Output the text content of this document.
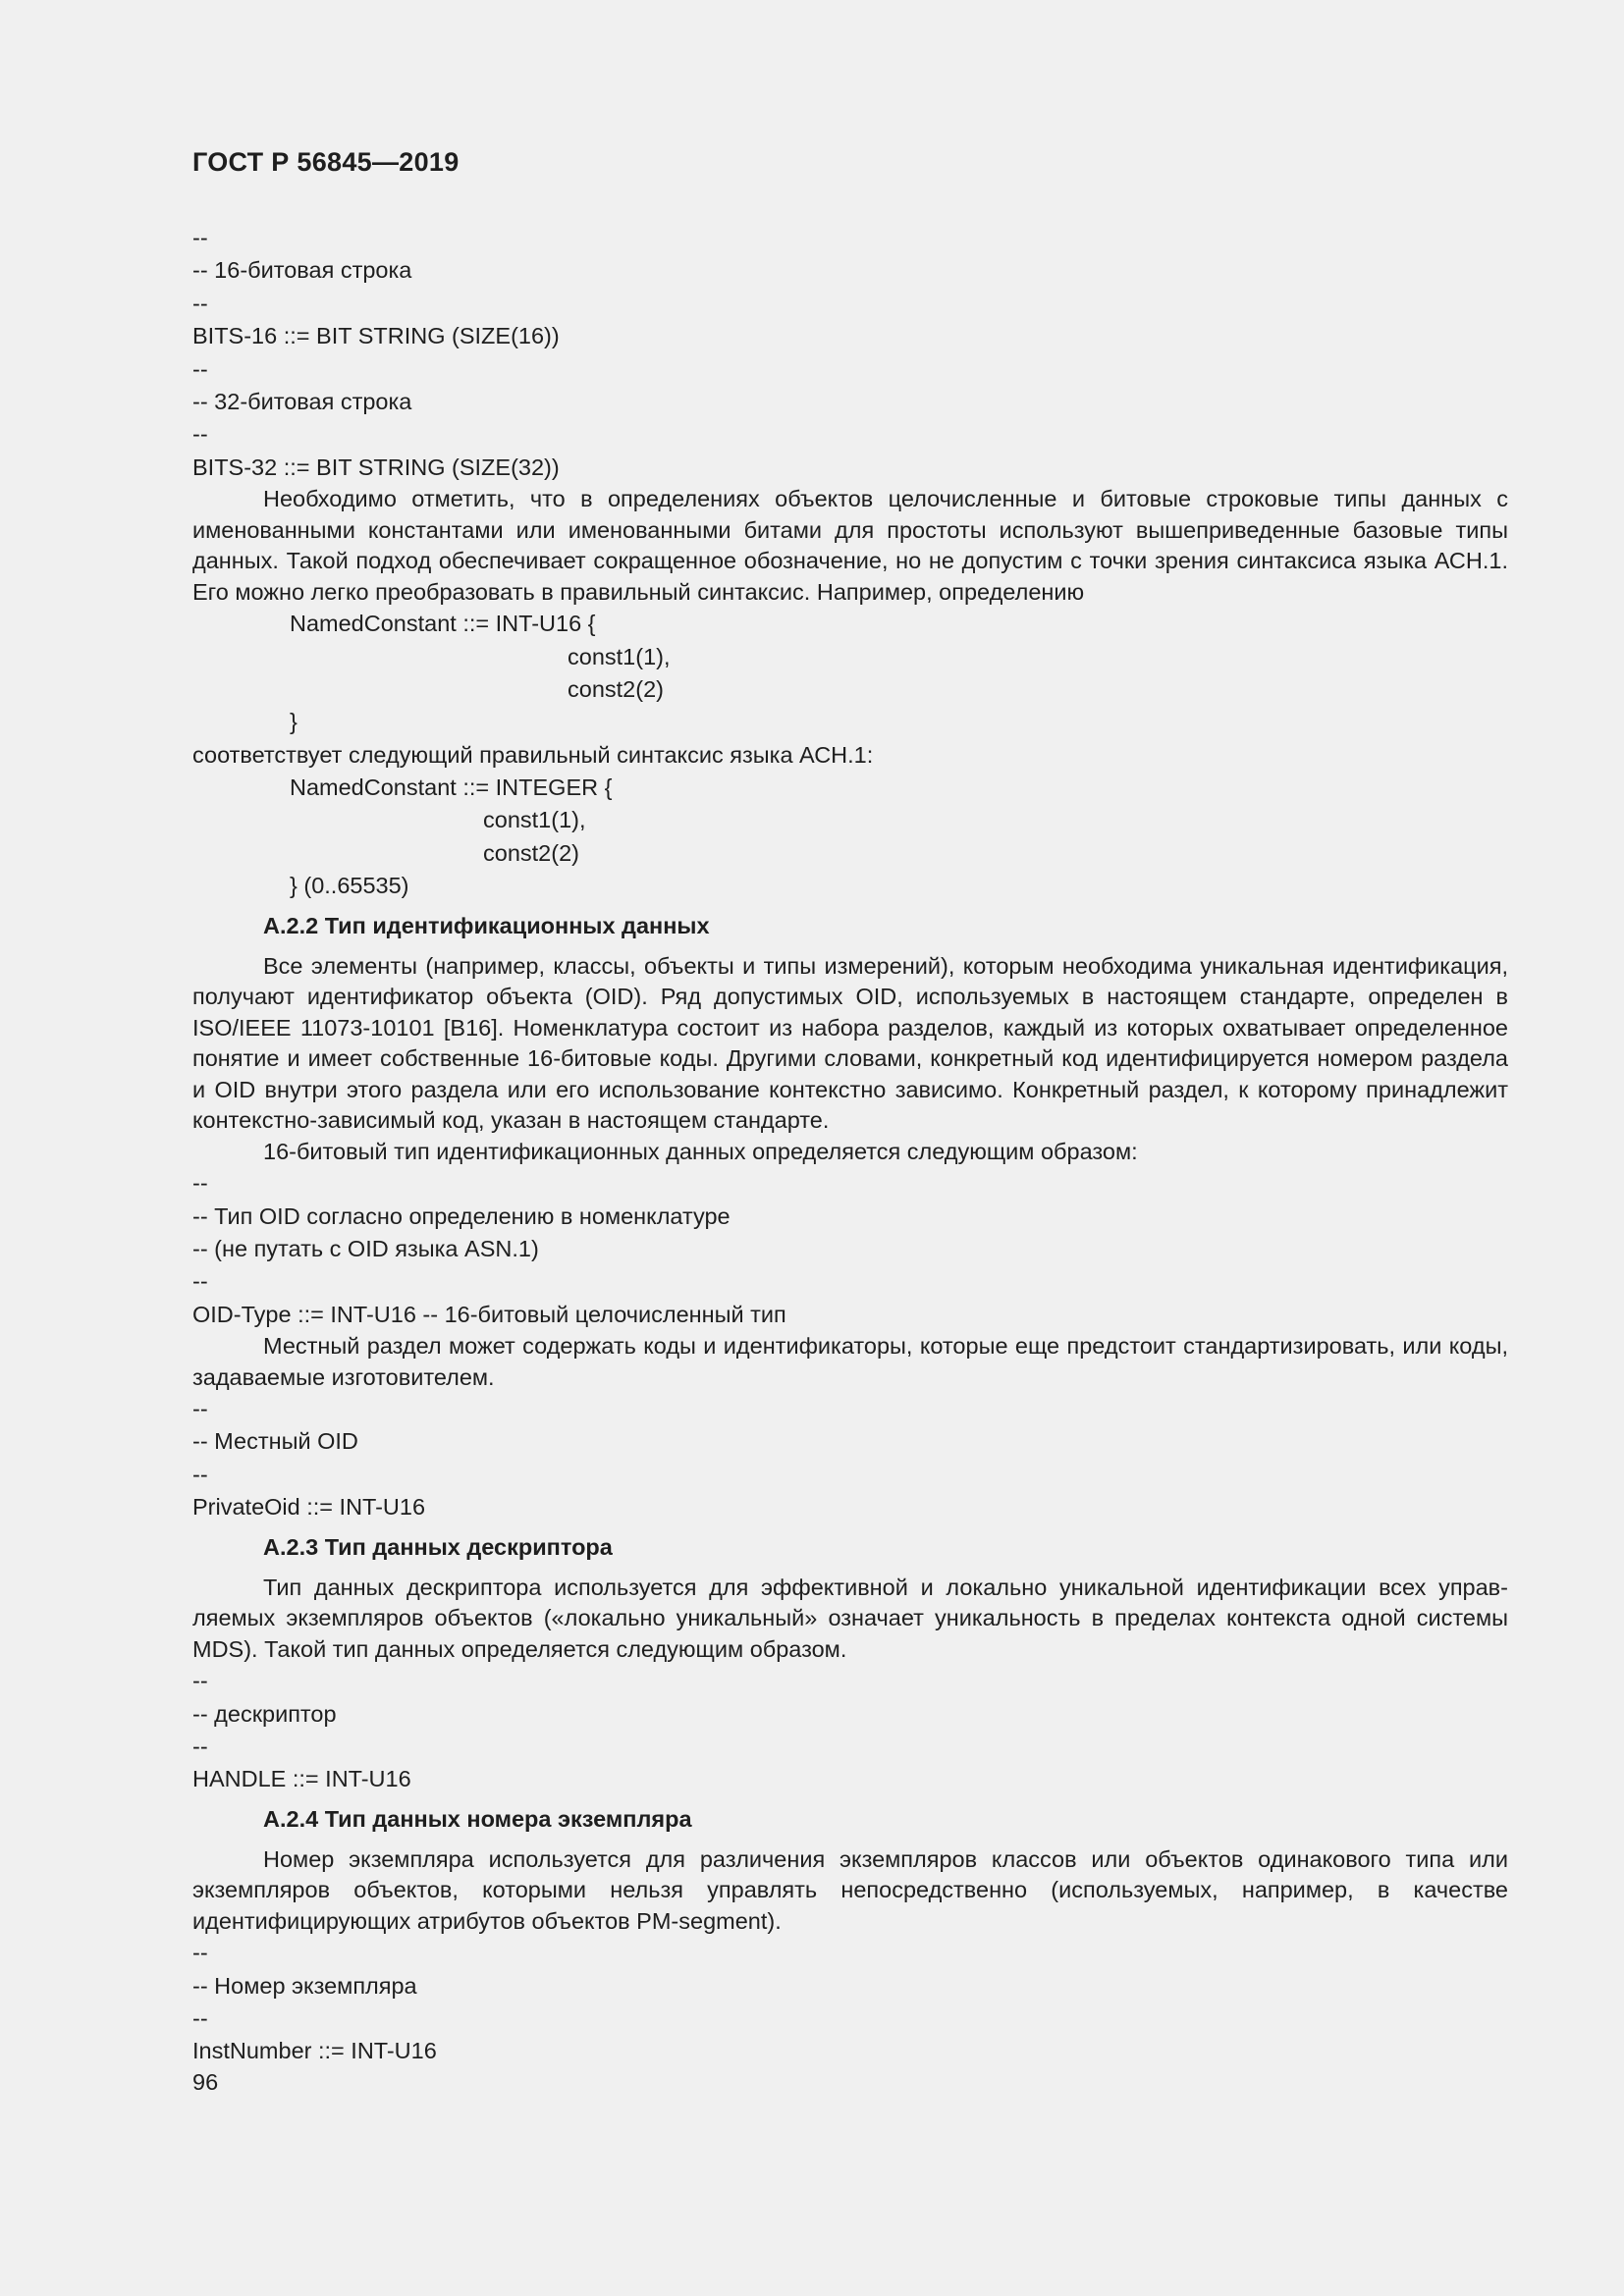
ГОСТ Р 56845—2019
--
-- 16-битовая строка
--
BITS-16 ::= BIT STRING (SIZE(16))
--
-- 32-битовая строка
--
BITS-32 ::= BIT STRING (SIZE(32))
Необходимо отметить, что в определениях объектов целочисленные и битовые строковые типы данных с именованными константами или именованными битами для простоты используют вышеприведенные базовые типы данных. Такой подход обеспечивает сокращенное обозначение, но не допустим с точки зрения синтаксиса языка АСН.1. Его можно легко преобразовать в правильный синтаксис. Например, определению
NamedConstant ::= INT-U16 {
const1(1),
const2(2)
}
соответствует следующий правильный синтаксис языка АСН.1:
NamedConstant ::= INTEGER {
const1(1),
const2(2)
} (0..65535)
A.2.2 Тип идентификационных данных
Все элементы (например, классы, объекты и типы измерений), которым необходима уникальная идентификация, получают идентификатор объекта (OID). Ряд допустимых OID, используемых в настоящем стандарте, определен в ISO/IEEE 11073-10101 [В16]. Номенклатура состоит из набора разделов, каждый из которых охватывает определенное понятие и имеет собственные 16-битовые коды. Другими словами, конкретный код идентифицируется номером раздела и OID внутри этого раздела или его использование контекстно зависимо. Конкретный раздел, к которому принадлежит контекстно-зависимый код, указан в настоящем стандарте.
16-битовый тип идентификационных данных определяется следующим образом:
--
-- Тип OID согласно определению в номенклатуре
-- (не путать с OID языка ASN.1)
--
OID-Type ::= INT-U16 -- 16-битовый целочисленный тип
Местный раздел может содержать коды и идентификаторы, которые еще предстоит стандартизировать, или коды, задаваемые изготовителем.
--
-- Местный OID
--
PrivateOid ::= INT-U16
A.2.3 Тип данных дескриптора
Тип данных дескриптора используется для эффективной и локально уникальной идентификации всех управляемых экземпляров объектов («локально уникальный» означает уникальность в пределах контекста одной системы MDS). Такой тип данных определяется следующим образом.
--
-- дескриптор
--
HANDLE ::= INT-U16
A.2.4 Тип данных номера экземпляра
Номер экземпляра используется для различения экземпляров классов или объектов одинакового типа или экземпляров объектов, которыми нельзя управлять непосредственно (используемых, например, в качестве идентифицирующих атрибутов объектов PM-segment).
--
-- Номер экземпляра
--
InstNumber ::= INT-U16
96
